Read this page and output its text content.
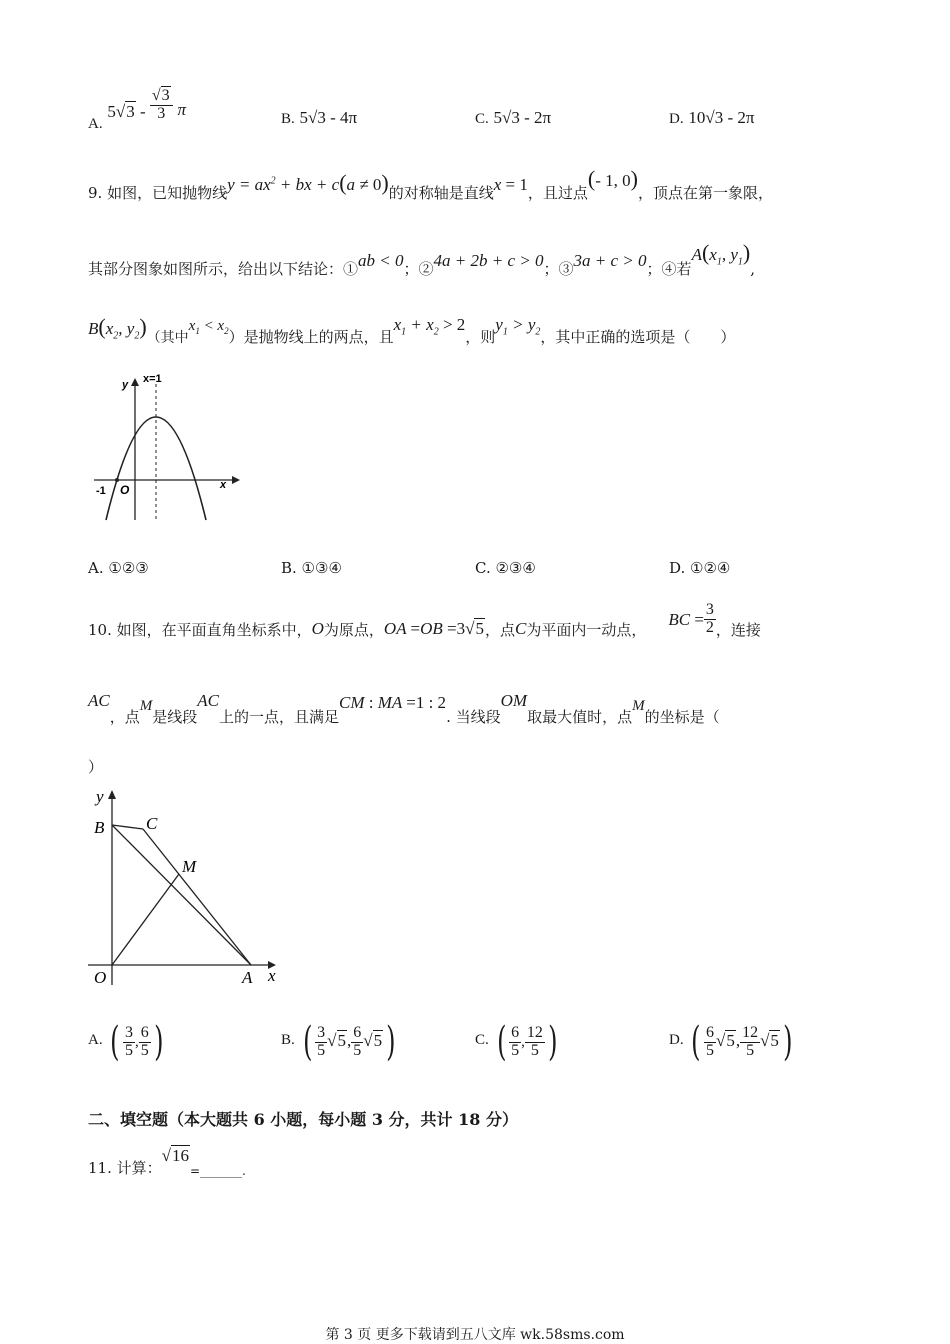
A. $5√3 - \frac{√3}{3}$ π	B. 5√3 - 4π	C. 5√3 - 2π	D. 10√3 - 2π
9. 如图，已知抛物线$y = ax^2$ + bx + c(a ≠ 0)的对称轴是直线x = 1，且过点(- 1, 0)，顶点在第一象限，
其部分图象如图所示，给出以下结论：①ab < 0；②4a + 2b + c > 0；③3a + c > 0；④若$A(x_1$, $y_1$),
$B(x_2$, $y_2$)（其中$x_1 < x_2$）是抛物线上的两点，且$x_1 + x_2 > 2$，则$y_1 > y_2$，其中正确的选项是（　　）
y x=1
x
O
-1
A. ①②③	B. ①③④	C. ②③④	D. ①②④
10. 如图，在平面直角坐标系中，O为原点，OA =OB =3√5，点C为平面内一动点，BC = $\frac{3}{2}$ ，连接
AC，点M是线段AC上的一点，且满足CM : MA =1 : 2. 当线段OM取最大值时，点M的坐标是（
）
y
B C
M
O	A x
A. ( $\frac{3}{5}$ , $\frac{6}{5}$ )	B. ( $\frac{3}{5} √5$, $\frac{6}{5} √5$ )	C. ( $\frac{6}{5}$ , $\frac{12}{5}$ )	D. ( $\frac{6}{5} √5$, $\frac{12}{5} √5$ )
二、填空题（本大题共 6 小题，每小题 3 分，共计 18 分）
11. 计算：$√16_{=\_\_\_\_\_\_\_.}$
第 3 页 更多下载请到五八文库 wk.58sms.com
